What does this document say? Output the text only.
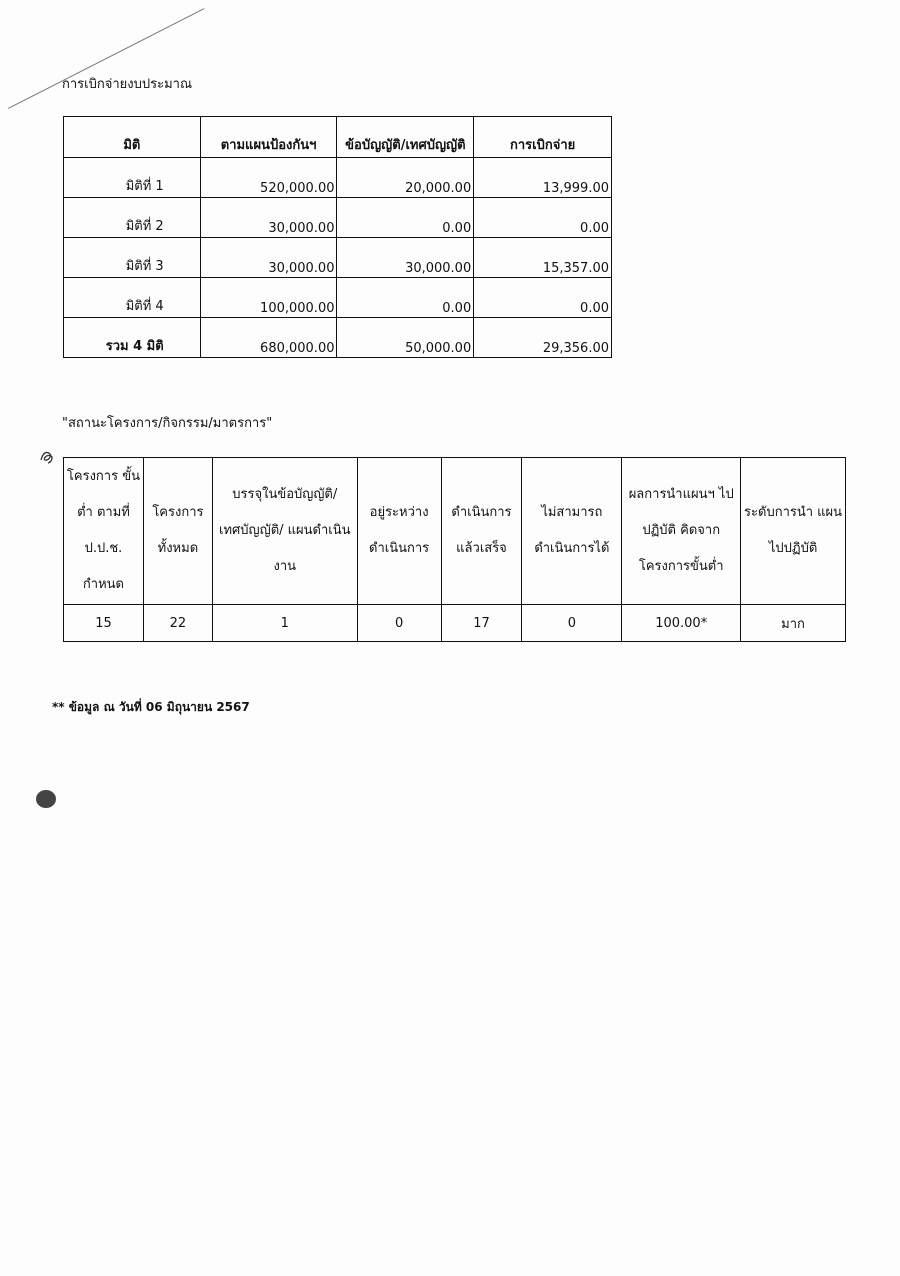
การเบิกจ่ายงบประมาณ
มิติ	ตามแผนป้องกันฯ	ข้อบัญญัติ/เทศบัญญัติ	การเบิกจ่าย
มิติที่ 1	520,000.00	20,000.00	13,999.00
มิติที่ 2	30,000.00	0.00	0.00
มิติที่ 3	30,000.00	30,000.00	15,357.00
มิติที่ 4	100,000.00	0.00	0.00
รวม 4 มิติ	680,000.00	50,000.00	29,356.00
"สถานะโครงการ/กิจกรรม/มาตรการ"
โครงการ ขั้นต่ำ ตามที่ ป.ป.ช. กำหนด	โครงการ ทั้งหมด	บรรจุในข้อบัญญัติ/ เทศบัญญัติ/ แผนดำเนินงาน	อยู่ระหว่าง ดำเนินการ	ดำเนินการ แล้วเสร็จ	ไม่สามารถ ดำเนินการได้	ผลการนำแผนฯ ไปปฏิบัติ คิดจาก โครงการขั้นต่ำ	ระดับการนำ แผนไปปฏิบัติ
15	22	1	0	17	0	100.00*	มาก
** ข้อมูล ณ วันที่ 06 มิถุนายน 2567
